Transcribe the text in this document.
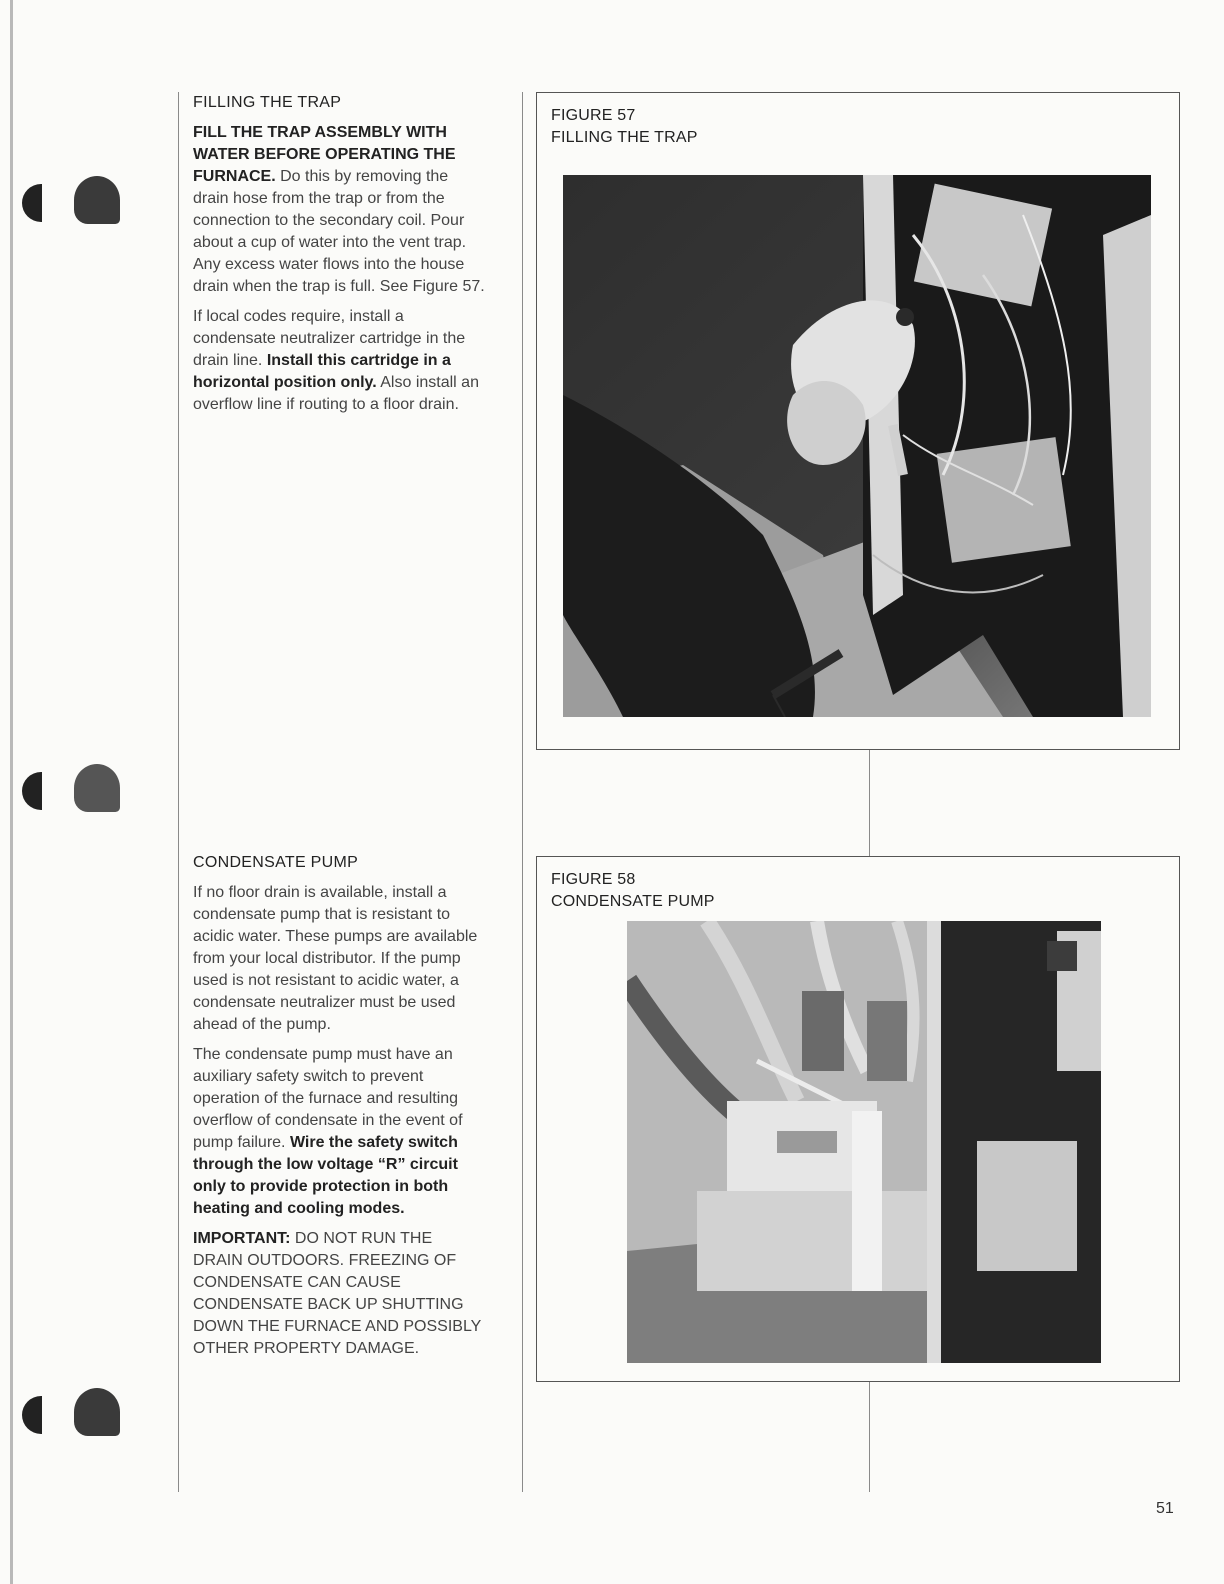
FILLING THE TRAP

FILL THE TRAP ASSEMBLY WITH WATER BEFORE OPERATING THE FURNACE. Do this by removing the drain hose from the trap or from the connection to the secondary coil. Pour about a cup of water into the vent trap. Any excess water flows into the house drain when the trap is full. See Figure 57.

If local codes require, install a condensate neutralizer cartridge in the drain line. Install this cartridge in a horizontal position only. Also install an overflow line if routing to a floor drain.

CONDENSATE PUMP

If no floor drain is available, install a condensate pump that is resistant to acidic water. These pumps are available from your local distributor. If the pump used is not resistant to acidic water, a condensate neutralizer must be used ahead of the pump.

The condensate pump must have an auxiliary safety switch to prevent operation of the furnace and resulting overflow of condensate in the event of pump failure. Wire the safety switch through the low voltage “R” circuit only to provide protection in both heating and cooling modes.

IMPORTANT: DO NOT RUN THE DRAIN OUTDOORS. FREEZING OF CONDENSATE CAN CAUSE CONDENSATE BACK UP SHUTTING DOWN THE FURNACE AND POSSIBLY OTHER PROPERTY DAMAGE.

FIGURE 57
FILLING THE TRAP
FIGURE 58
CONDENSATE PUMP
51
